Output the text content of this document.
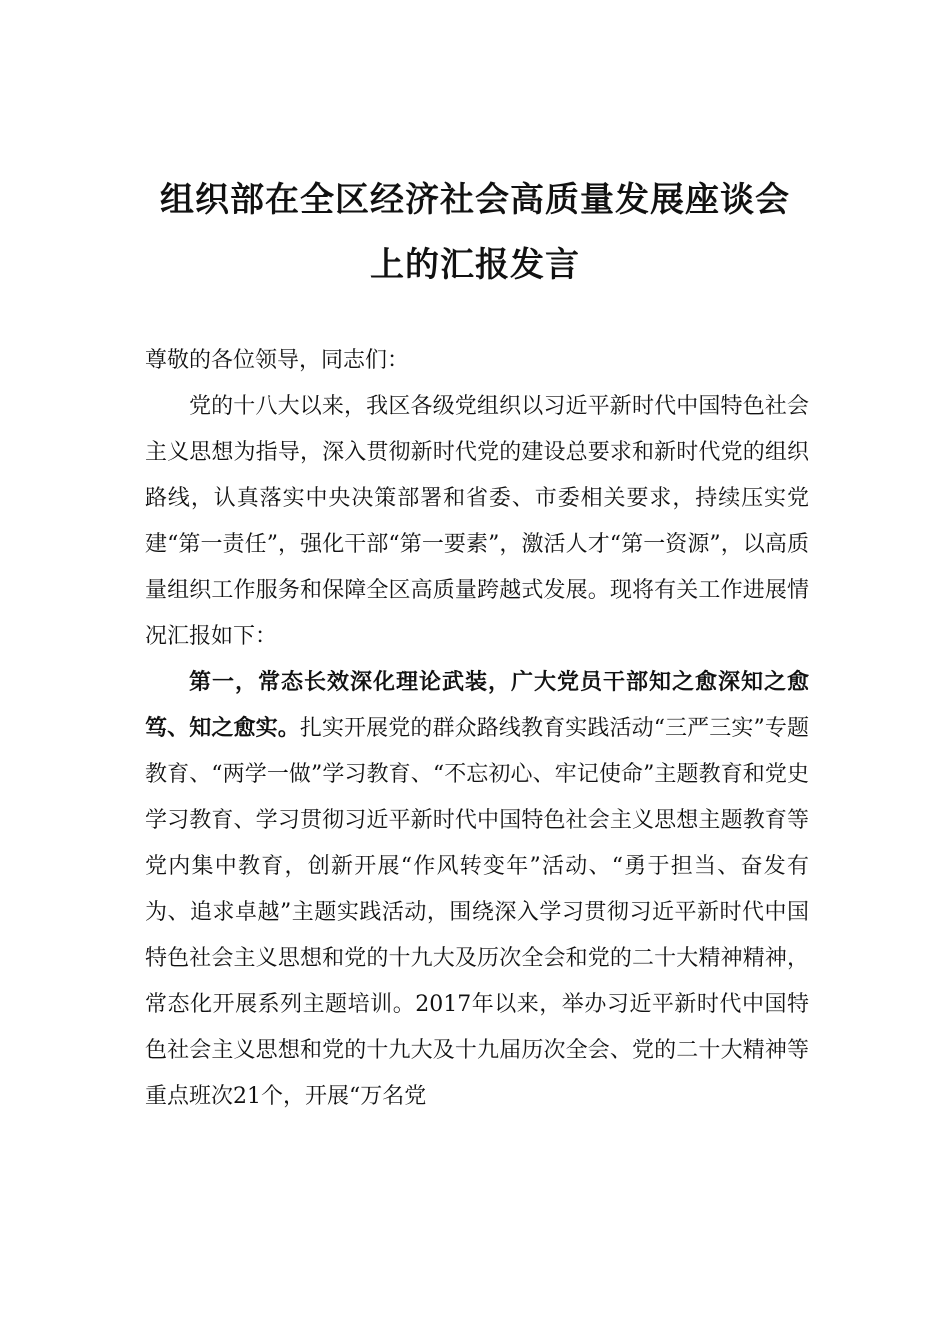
组织部在全区经济社会高质量发展座谈会
上的汇报发言

尊敬的各位领导，同志们：

党的十八大以来，我区各级党组织以习近平新时代中国特色社会主义思想为指导，深入贯彻新时代党的建设总要求和新时代党的组织路线，认真落实中央决策部署和省委、市委相关要求，持续压实党建“第一责任”，强化干部“第一要素”，激活人才“第一资源”，以高质量组织工作服务和保障全区高质量跨越式发展。现将有关工作进展情况汇报如下：

第一，常态长效深化理论武装，广大党员干部知之愈深知之愈笃、知之愈实。扎实开展党的群众路线教育实践活动“三严三实”专题教育、“两学一做”学习教育、“不忘初心、牢记使命”主题教育和党史学习教育、学习贯彻习近平新时代中国特色社会主义思想主题教育等党内集中教育，创新开展“作风转变年”活动、“勇于担当、奋发有为、追求卓越”主题实践活动，围绕深入学习贯彻习近平新时代中国特色社会主义思想和党的十九大及历次全会和党的二十大精神精神，常态化开展系列主题培训。2017年以来，举办习近平新时代中国特色社会主义思想和党的十九大及十九届历次全会、党的二十大精神等重点班次21个，开展“万名党
